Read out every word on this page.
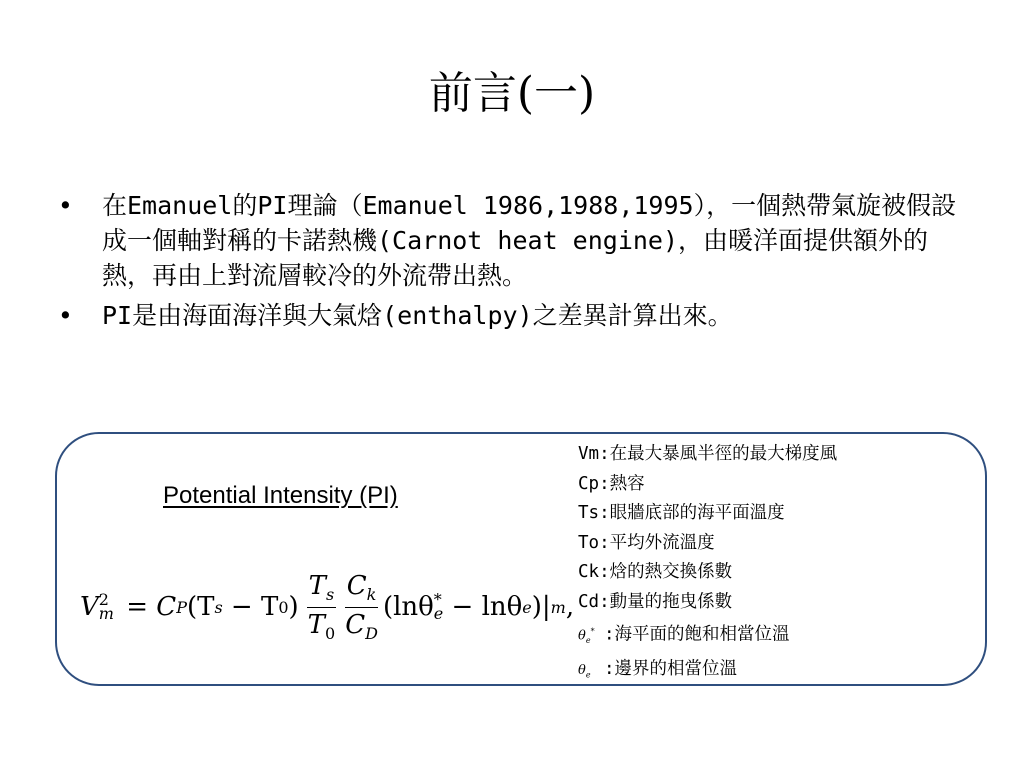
前言(一)
•	在Emanuel的PI理論（Emanuel 1986,1988,1995），一個熱帶氣旋被假設成一個軸對稱的卡諾熱機(Carnot heat engine)，由暖洋面提供額外的熱，再由上對流層較冷的外流帶出熱。
•	PI是由海面海洋與大氣焓(enthalpy)之差異計算出來。
Potential Intensity (PI)
V 2
m = C P (T s − T 0 ) $\frac{T_s}{T_0} \frac{C_k}{C_D} (\ln\theta$ *
e − lnθ e )| m ,
Vm:在最大暴風半徑的最大梯度風
Cp:熱容
Ts:眼牆底部的海平面溫度
To:平均外流溫度
Ck:焓的熱交換係數
Cd:動量的拖曳係數
$\theta_e^*$ :海平面的飽和相當位溫
$\theta_e$ :邊界的相當位溫
